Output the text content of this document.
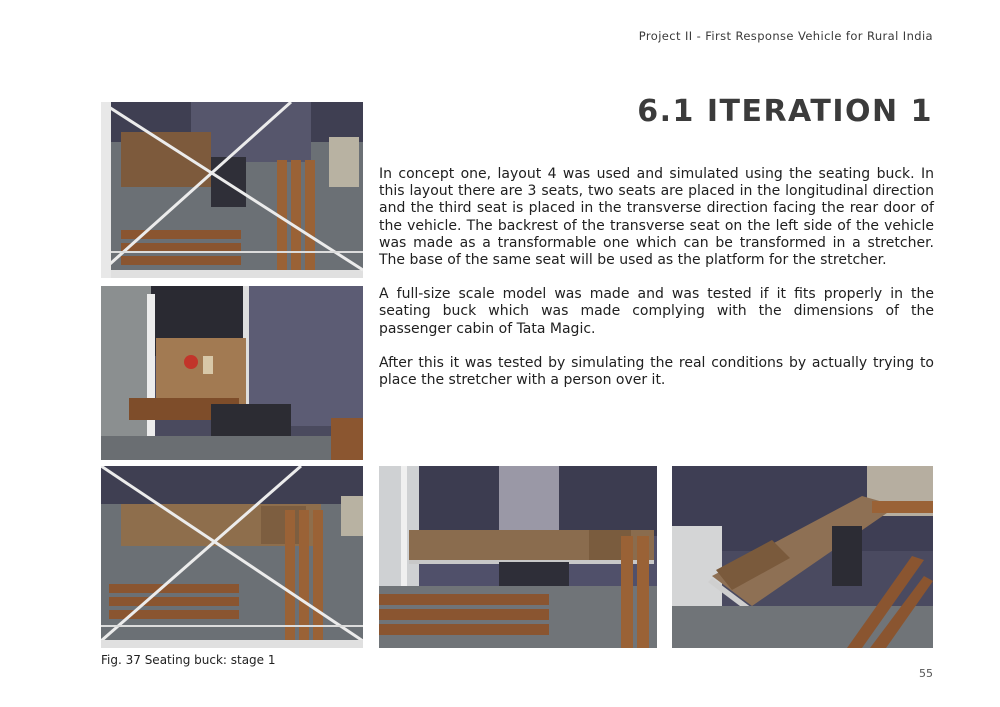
Project II - First Response Vehicle for Rural India
6.1 ITERATION 1

In concept one, layout 4 was used and simulated using the seating buck. In this layout there are 3 seats, two seats are placed in the longitudinal direction and the third seat is placed in the transverse direction facing the rear door of the vehicle. The backrest of the transverse seat on the left side of the vehicle was made as a transformable one which can be transformed in a stretcher. The base of the same seat will be used as the platform for the stretcher.

A full-size scale model was made and was tested if it fits properly in the seating buck which was made complying with the dimensions of the passenger cabin of Tata Magic.

After this it was tested by simulating the real conditions by actually trying to place the stretcher with a person over it.

Fig. 37 Seating buck: stage 1
55
